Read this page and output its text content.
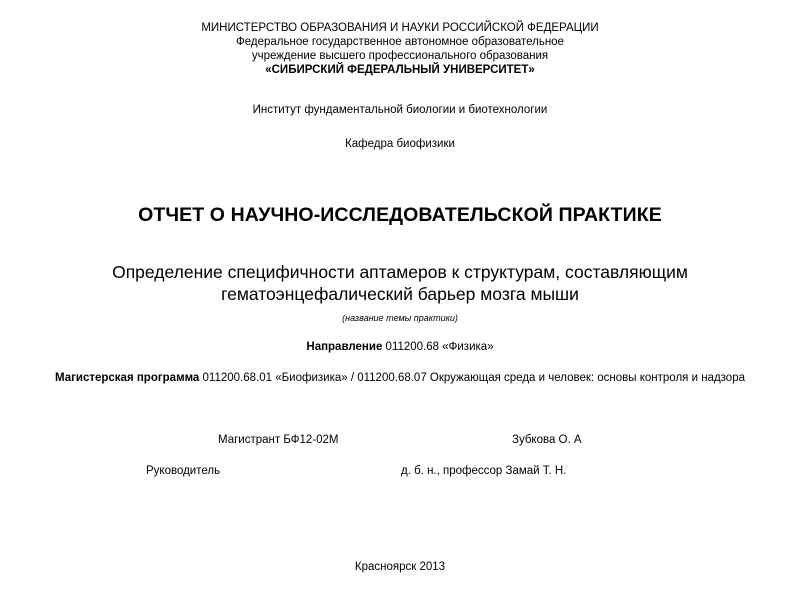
МИНИСТЕРСТВО ОБРАЗОВАНИЯ И НАУКИ РОССИЙСКОЙ ФЕДЕРАЦИИ
Федеральное государственное автономное образовательное
учреждение высшего профессионального образования
«СИБИРСКИЙ ФЕДЕРАЛЬНЫЙ УНИВЕРСИТЕТ»
Институт фундаментальной биологии и биотехнологии
Кафедра биофизики
ОТЧЕТ О НАУЧНО-ИССЛЕДОВАТЕЛЬСКОЙ ПРАКТИКЕ
Определение специфичности аптамеров к структурам, составляющим
гематоэнцефалический барьер мозга мыши
(название темы практики)
Направление 011200.68 «Физика»
Магистерская программа 011200.68.01 «Биофизика» / 011200.68.07 Окружающая среда и человек: основы контроля и надзора
Магистрант БФ12-02М	Зубкова О. А
Руководитель	д. б. н., профессор Замай Т. Н.
Красноярск 2013
